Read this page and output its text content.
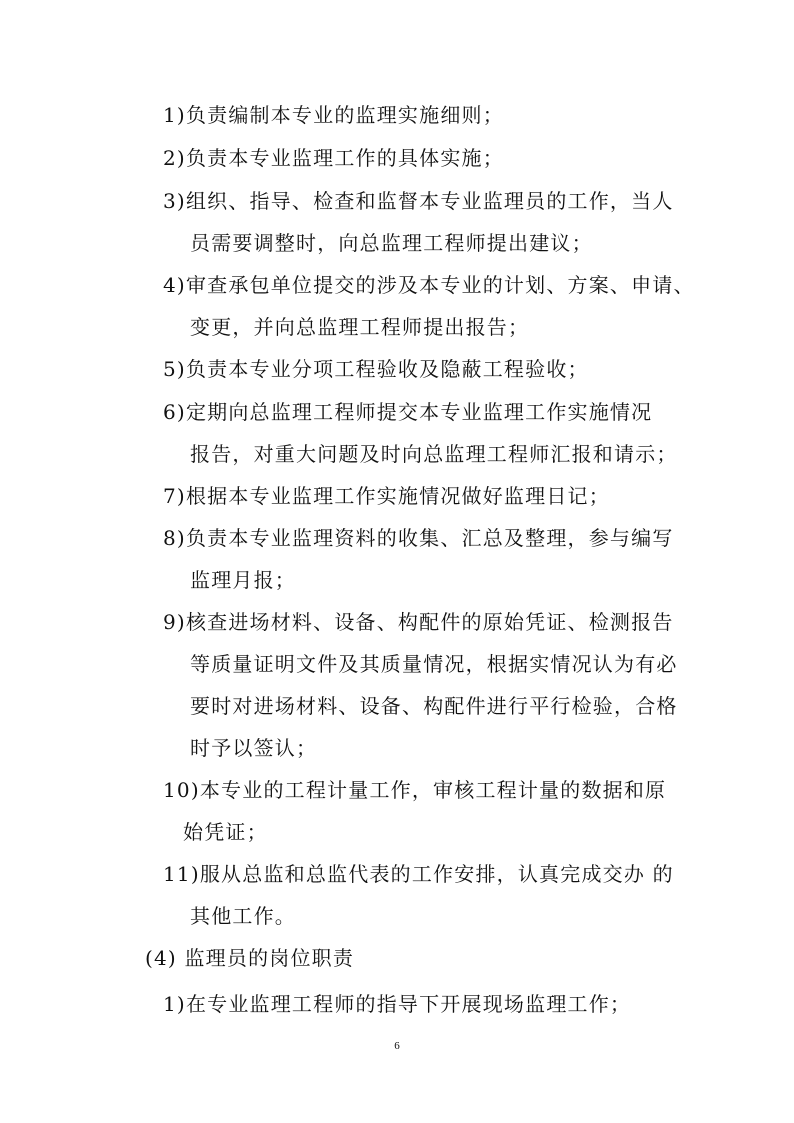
1)负责编制本专业的监理实施细则；
2)负责本专业监理工作的具体实施；
3)组织、指导、检查和监督本专业监理员的工作，当人
员需要调整时，向总监理工程师提出建议；
4)审查承包单位提交的涉及本专业的计划、方案、申请、
变更，并向总监理工程师提出报告；
5)负责本专业分项工程验收及隐蔽工程验收；
6)定期向总监理工程师提交本专业监理工作实施情况
报告，对重大问题及时向总监理工程师汇报和请示；
7)根据本专业监理工作实施情况做好监理日记；
8)负责本专业监理资料的收集、汇总及整理，参与编写
监理月报；
9)核查进场材料、设备、构配件的原始凭证、检测报告
等质量证明文件及其质量情况，根据实情况认为有必
要时对进场材料、设备、构配件进行平行检验，合格
时予以签认；
10)本专业的工程计量工作，审核工程计量的数据和原
始凭证；
11)服从总监和总监代表的工作安排，认真完成交办 的
其他工作。
(4) 监理员的岗位职责
1)在专业监理工程师的指导下开展现场监理工作；
6
